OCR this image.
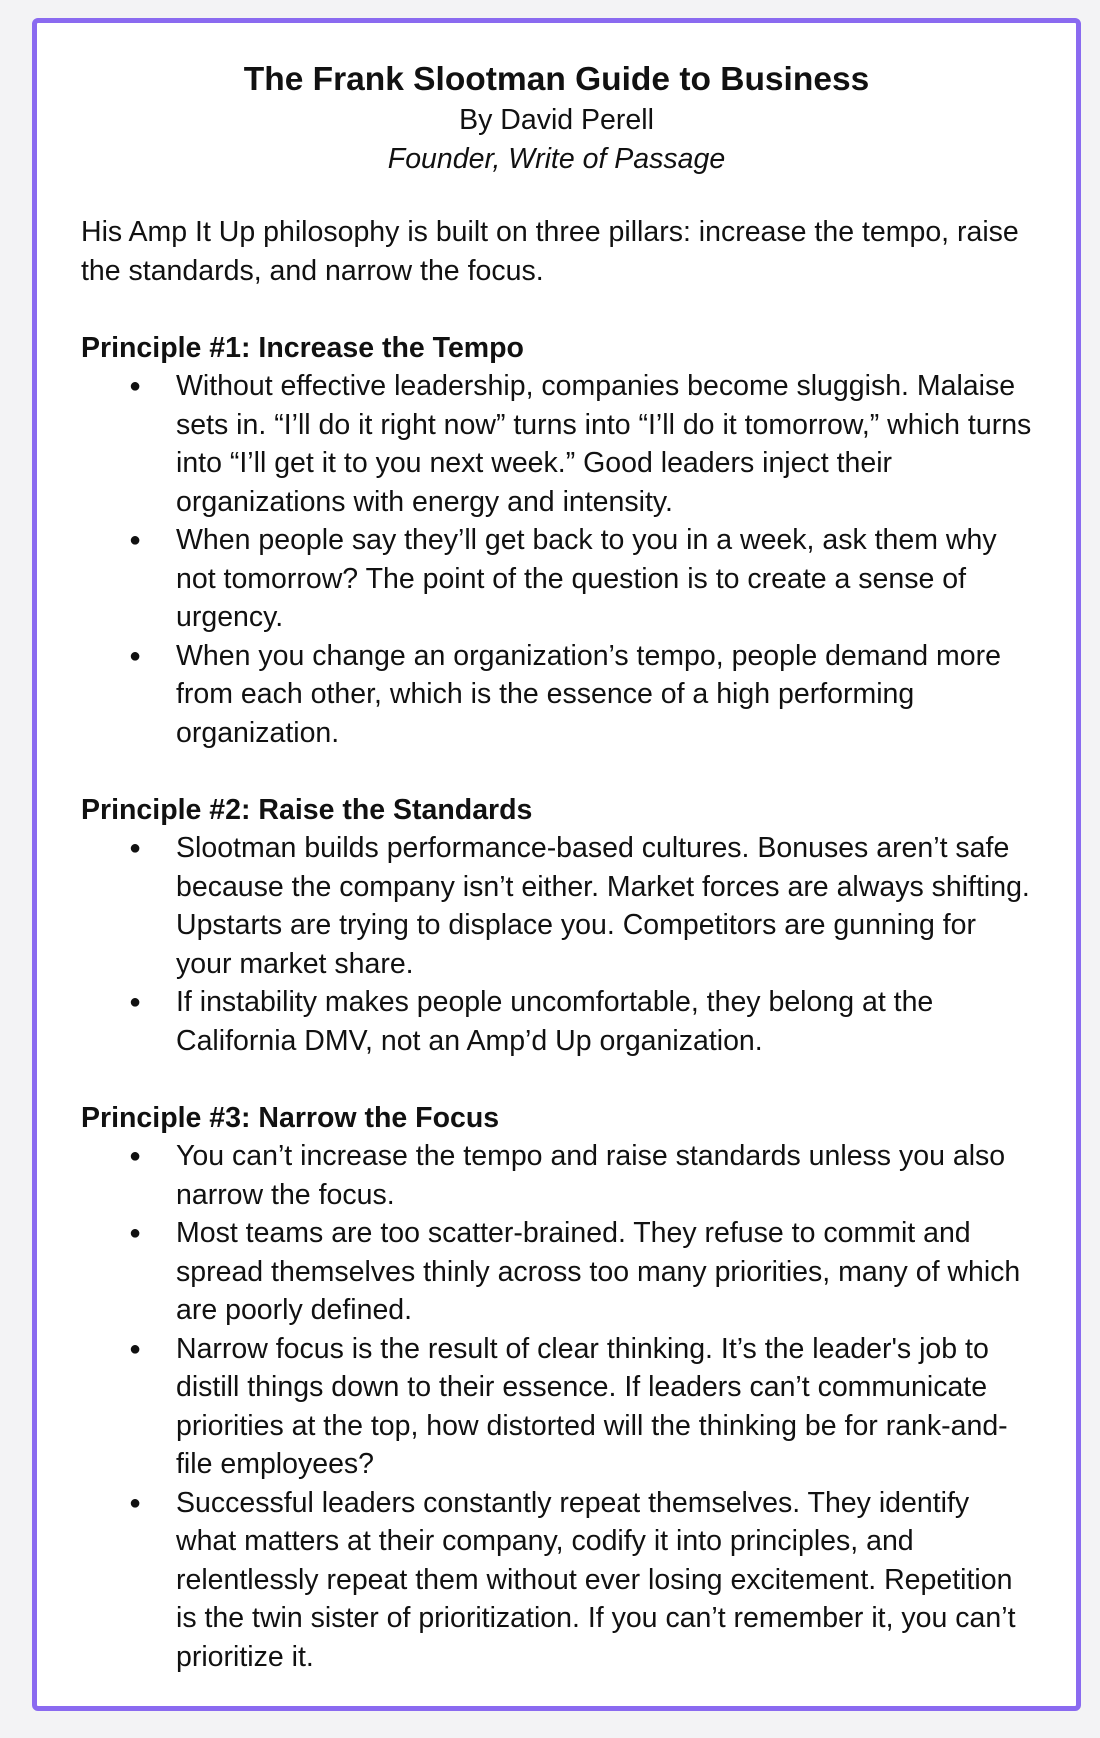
The Frank Slootman Guide to Business
By David Perell
Founder, Write of Passage

His Amp It Up philosophy is built on three pillars: increase the tempo, raise the standards, and narrow the focus.

Principle #1: Increase the Tempo
● Without effective leadership, companies become sluggish. Malaise sets in. “I’ll do it right now” turns into “I’ll do it tomorrow,” which turns into “I’ll get it to you next week.” Good leaders inject their organizations with energy and intensity.
● When people say they’ll get back to you in a week, ask them why not tomorrow? The point of the question is to create a sense of urgency.
● When you change an organization’s tempo, people demand more from each other, which is the essence of a high performing organization.
Principle #2: Raise the Standards
● Slootman builds performance-based cultures. Bonuses aren’t safe because the company isn’t either. Market forces are always shifting. Upstarts are trying to displace you. Competitors are gunning for your market share.
● If instability makes people uncomfortable, they belong at the California DMV, not an Amp’d Up organization.
Principle #3: Narrow the Focus
● You can’t increase the tempo and raise standards unless you also narrow the focus.
● Most teams are too scatter-brained. They refuse to commit and spread themselves thinly across too many priorities, many of which are poorly defined.
● Narrow focus is the result of clear thinking. It’s the leader's job to distill things down to their essence. If leaders can’t communicate priorities at the top, how distorted will the thinking be for rank-and-file employees?
● Successful leaders constantly repeat themselves. They identify what matters at their company, codify it into principles, and relentlessly repeat them without ever losing excitement. Repetition is the twin sister of prioritization. If you can’t remember it, you can’t prioritize it.
